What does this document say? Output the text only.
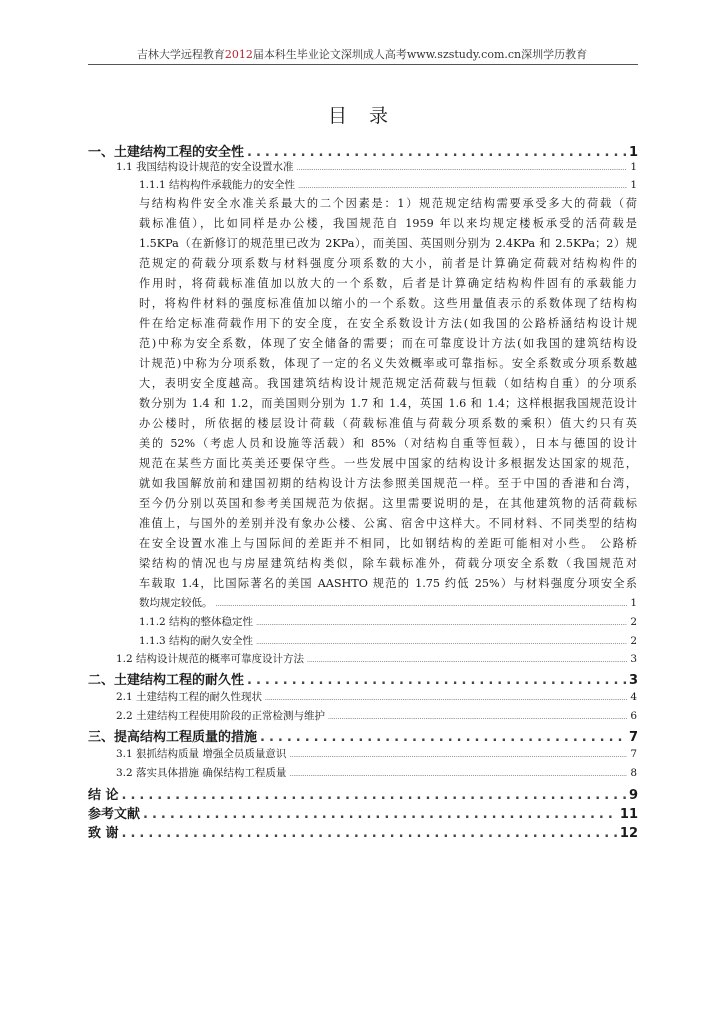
吉林大学远程教育2012届本科生毕业论文深圳成人高考www.szstudy.com.cn深圳学历教育
目 录
一、土建结构工程的安全性 .....	1
1.1 我国结构设计规范的安全设置水准 .....	1
1.1.1 结构构件承载能力的安全性 .....	1
与结构构件安全水准关系最大的二个因素是：1）规范规定结构需要承受多大的荷载（荷
载标准值），比如同样是办公楼，我国规范自 1959 年以来均规定楼板承受的活荷载是
1.5KPa（在新修订的规范里已改为 2KPa），而美国、英国则分别为 2.4KPa 和 2.5KPa；2）规
范规定的荷载分项系数与材料强度分项系数的大小，前者是计算确定荷载对结构构件的
作用时，将荷载标准值加以放大的一个系数，后者是计算确定结构构件固有的承载能力
时，将构件材料的强度标准值加以缩小的一个系数。这些用量值表示的系数体现了结构构
件在给定标准荷载作用下的安全度，在安全系数设计方法(如我国的公路桥涵结构设计规
范)中称为安全系数，体现了安全储备的需要；而在可靠度设计方法(如我国的建筑结构设
计规范)中称为分项系数，体现了一定的名义失效概率或可靠指标。安全系数或分项系数越
大，表明安全度越高。我国建筑结构设计规范规定活荷载与恒载（如结构自重）的分项系
数分别为 1.4 和 1.2，而美国则分别为 1.7 和 1.4，英国 1.6 和 1.4；这样根据我国规范设计
办公楼时，所依据的楼层设计荷载（荷载标准值与荷载分项系数的乘积）值大约只有英
美的 52%（考虑人员和设施等活载）和 85%（对结构自重等恒载），日本与德国的设计
规范在某些方面比英美还要保守些。一些发展中国家的结构设计多根据发达国家的规范，
就如我国解放前和建国初期的结构设计方法参照美国规范一样。至于中国的香港和台湾，
至今仍分别以英国和参考美国规范为依据。这里需要说明的是，在其他建筑物的活荷载标
准值上，与国外的差别并没有象办公楼、公寓、宿舍中这样大。不同材料、不同类型的结构
在安全设置水准上与国际间的差距并不相同，比如钢结构的差距可能相对小些。 公路桥
梁结构的情况也与房屋建筑结构类似，除车载标准外，荷载分项安全系数（我国规范对
车载取 1.4，比国际著名的美国 AASHTO 规范的 1.75 约低 25%）与材料强度分项安全系
数均规定较低。 .....	1
1.1.2 结构的整体稳定性 .....	2
1.1.3 结构的耐久安全性 .....	2
1.2 结构设计规范的概率可靠度设计方法 .....	3
二、土建结构工程的耐久性 .....	3
2.1 土建结构工程的耐久性现状 .....	4
2.2 土建结构工程使用阶段的正常检测与维护 .....	6
三、提高结构工程质量的措施 .....	7
3.1 狠抓结构质量 增强全员质量意识 .....	7
3.2 落实具体措施 确保结构工程质量 .....	8
结 论 .....	9
参考文献 .....	11
致 谢 .....	12
